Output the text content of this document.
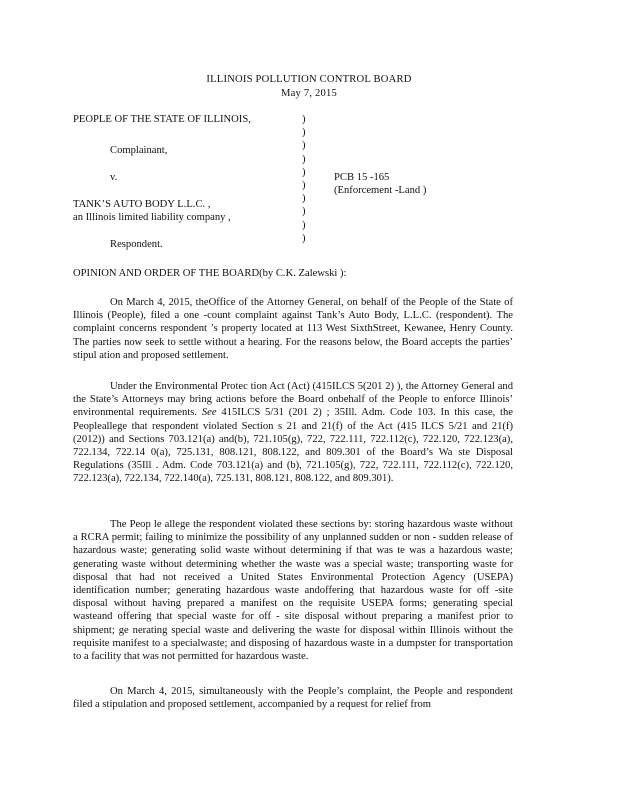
ILLINOIS POLLUTION CONTROL BOARD
May 7, 2015
PEOPLE OF THE STATE OF ILLINOIS,
Complainant,
v.
TANK’S AUTO BODY L.L.C. ,
an Illinois limited liability company ,
Respondent.
)
)
)
)
)
)
)
)
)
)
PCB 15 -165
(Enforcement -Land )
OPINION AND ORDER OF THE BOARD(by C.K. Zalewski ):

On March 4, 2015, theOffice of the Attorney General, on behalf of the People of the State of Illinois (People), filed a one -count complaint against Tank’s Auto Body, L.L.C. (respondent). The complaint concerns respondent ’s property located at 113 West SixthStreet, Kewanee, Henry County. The parties now seek to settle without a hearing. For the reasons below, the Board accepts the parties’ stipul ation and proposed settlement.

Under the Environmental Protec tion Act (Act) (415ILCS 5(201 2) ), the Attorney General and the State’s Attorneys may bring actions before the Board onbehalf of the People to enforce Illinois’ environmental requirements. See 415ILCS 5/31 (201 2) ; 35Ill. Adm. Code 103. In this case, the Peopleallege that respondent violated Section s 21 and 21(f) of the Act (415 ILCS 5/21 and 21(f) (2012)) and Sections 703.121(a) and(b), 721.105(g), 722, 722.111, 722.112(c), 722.120, 722.123(a), 722.134, 722.14 0(a), 725.131, 808.121, 808.122, and 809.301 of the Board’s Wa ste Disposal Regulations (35Ill . Adm. Code 703.121(a) and (b), 721.105(g), 722, 722.111, 722.112(c), 722.120, 722.123(a), 722.134, 722.140(a), 725.131, 808.121, 808.122, and 809.301).

The Peop le allege the respondent violated these sections by: storing hazardous waste without a RCRA permit; failing to minimize the possibility of any unplanned sudden or non - sudden release of hazardous waste; generating solid waste without determining if that was te was a hazardous waste; generating waste without determining whether the waste was a special waste; transporting waste for disposal that had not received a United States Environmental Protection Agency (USEPA) identification number; generating hazardous waste andoffering that hazardous waste for off -site disposal without having prepared a manifest on the requisite USEPA forms; generating special wasteand offering that special waste for off - site disposal without preparing a manifest prior to shipment; ge nerating special waste and delivering the waste for disposal within Illinois without the requisite manifest to a specialwaste; and disposing of hazardous waste in a dumpster for transportation to a facility that was not permitted for hazardous waste.

On March 4, 2015, simultaneously with the People’s complaint, the People and respondent filed a stipulation and proposed settlement, accompanied by a request for relief from
